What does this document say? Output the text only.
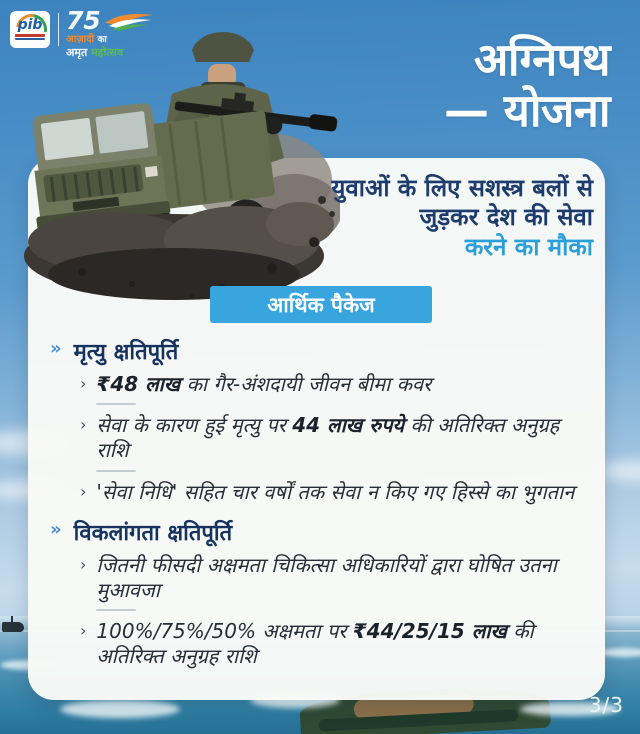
pib 75
आज़ादी का
अमृत महोत्सव	अग्निपथ
— योजना
युवाओं के लिए सशस्त्र बलों से
जुड़कर देश की सेवा
करने का मौका
आर्थिक पैकेज
» मृत्यु क्षतिपूर्ति
› ₹48 लाख का गैर-अंशदायी जीवन बीमा कवर
› सेवा के कारण हुई मृत्यु पर 44 लाख रुपये की अतिरिक्त अनुग्रह राशि
› 'सेवा निधि' सहित चार वर्षों तक सेवा न किए गए हिस्से का भुगतान
» विकलांगता क्षतिपूर्ति
› जितनी फीसदी अक्षमता चिकित्सा अधिकारियों द्वारा घोषित उतना मुआवजा
› 100%/75%/50% अक्षमता पर ₹44/25/15 लाख की अतिरिक्त अनुग्रह राशि
3/3
